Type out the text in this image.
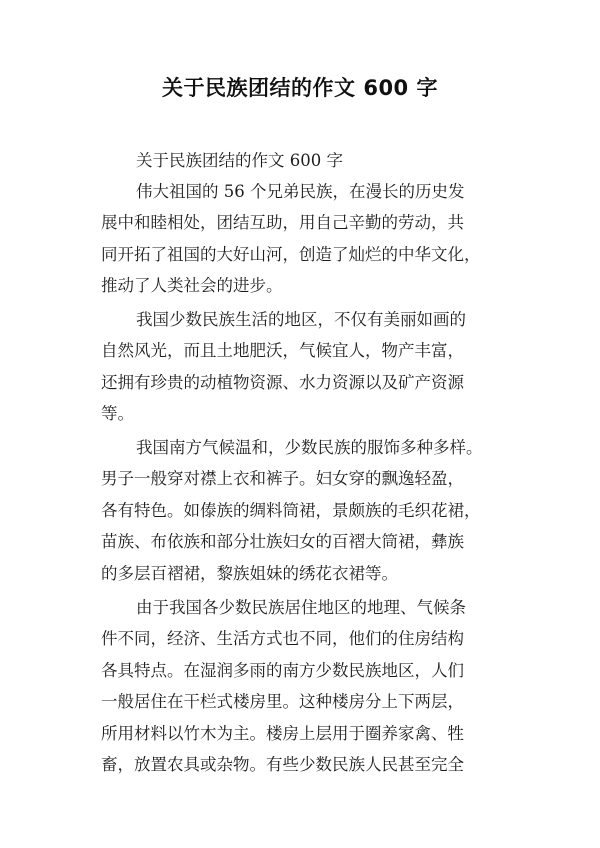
关于民族团结的作文 600 字
关于民族团结的作文 600 字
伟大祖国的 56 个兄弟民族，在漫长的历史发
展中和睦相处，团结互助，用自己辛勤的劳动，共
同开拓了祖国的大好山河，创造了灿烂的中华文化，
推动了人类社会的进步。
我国少数民族生活的地区，不仅有美丽如画的
自然风光，而且土地肥沃，气候宜人，物产丰富，
还拥有珍贵的动植物资源、水力资源以及矿产资源
等。
我国南方气候温和，少数民族的服饰多种多样。
男子一般穿对襟上衣和裤子。妇女穿的飘逸轻盈，
各有特色。如傣族的绸料筒裙，景颇族的毛织花裙，
苗族、布依族和部分壮族妇女的百褶大筒裙，彝族
的多层百褶裙，黎族姐妹的绣花衣裙等。
由于我国各少数民族居住地区的地理、气候条
件不同，经济、生活方式也不同，他们的住房结构
各具特点。在湿润多雨的南方少数民族地区，人们
一般居住在干栏式楼房里。这种楼房分上下两层，
所用材料以竹木为主。楼房上层用于圈养家禽、牲
畜，放置农具或杂物。有些少数民族人民甚至完全
